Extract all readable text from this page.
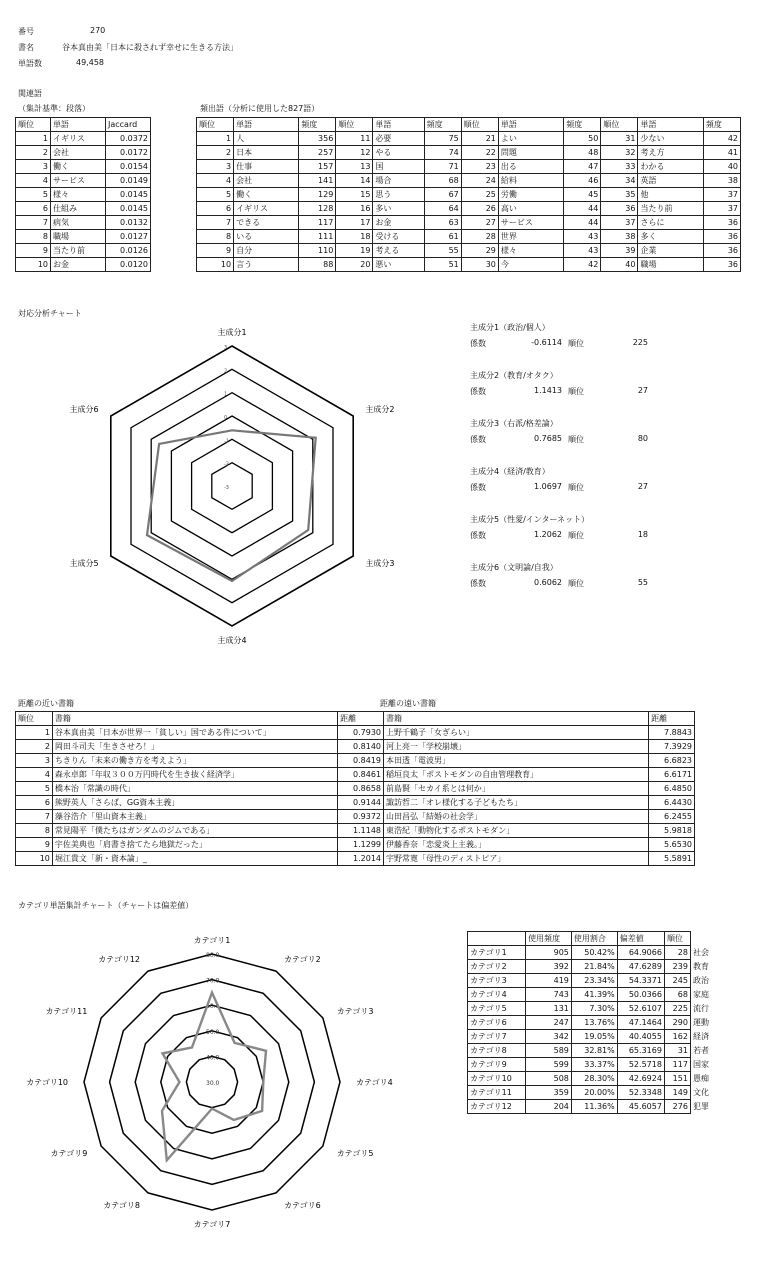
番号	270
書名	谷本真由美「日本に殺されず幸せに生きる方法」
単語数	49,458
関連語
（集計基準：段落）	頻出語（分析に使用した827語）
順位	単語	Jaccard
1	イギリス	0.0372
2	会社	0.0172
3	働く	0.0154
4	サービス	0.0149
5	様々	0.0145
6	仕組み	0.0145
7	病気	0.0132
8	職場	0.0127
9	当たり前	0.0126
10	お金	0.0120
順位	単語	頻度	順位	単語	頻度	順位	単語	頻度	順位	単語	頻度
1	人	356	11	必要	75	21	よい	50	31	少ない	42
2	日本	257	12	やる	74	22	問題	48	32	考え方	41
3	仕事	157	13	国	71	23	出る	47	33	わかる	40
4	会社	141	14	場合	68	24	給料	46	34	英語	38
5	働く	129	15	思う	67	25	労働	45	35	他	37
6	イギリス	128	16	多い	64	26	高い	44	36	当たり前	37
7	できる	117	17	お金	63	27	サービス	44	37	さらに	36
8	いる	111	18	受ける	61	28	世界	43	38	多く	36
9	自分	110	19	考える	55	29	様々	43	39	企業	36
10	言う	88	20	悪い	51	30	今	42	40	職場	36
対応分析チャート
主成分1
主成分2
主成分3
主成分4
主成分5
主成分6
3
2
1
0
-1
-2
-3
主成分1（政治/個人）
係数	-0.6114 順位	225
主成分2（教育/オタク）
係数	1.1413 順位	27
主成分3（右派/格差論）
係数	0.7685 順位	80
主成分4（経済/教育）
係数	1.0697 順位	27
主成分5（性愛/インターネット）
係数	1.2062 順位	18
主成分6（文明論/自我）
係数	0.6062 順位	55
距離の近い書籍	距離の遠い書籍
順位	書籍	距離	書籍	距離
1	谷本真由美「日本が世界一「貧しい」国である件について」	0.7930	上野千鶴子「女ぎらい」	7.8843
2	岡田斗司夫「生きさせろ！」	0.8140	河上亮一「学校崩壊」	7.3929
3	ちきりん「未来の働き方を考えよう」	0.8419	本田透「電波男」	6.6823
4	森永卓郎「年収３００万円時代を生き抜く経済学」	0.8461	稲垣良太「ポストモダンの自由管理教育」	6.6171
5	橋本治「常識の時代」	0.8658	前島賢「セカイ系とは何か」	6.4850
6	熊野英人「さらば、GG資本主義」	0.9144	諏訪哲二「オレ様化する子どもたち」	6.4430
7	藻谷浩介「里山資本主義」	0.9372	山田昌弘「結婚の社会学」	6.2455
8	常見陽平「僕たちはガンダムのジムである」	1.1148	東浩紀「動物化するポストモダン」	5.9818
9	宇佐美典也「肩書き捨てたら地獄だった」	1.1299	伊藤香奈「恋愛炎上主義。」	5.6530
10	堀江貴文「新・資本論」_	1.2014	宇野常寛「母性のディストピア」	5.5891
カテゴリ単語集計チャート（チャートは偏差値）
カテゴリ1
カテゴリ2
カテゴリ3
カテゴリ4
カテゴリ5
カテゴリ6
カテゴリ7
カテゴリ8
カテゴリ9
カテゴリ10
カテゴリ11
カテゴリ12	80.0
70.0
60.0
50.0
40.0
30.0
	使用頻度	使用割合	偏差値	順位	
カテゴリ1	905	50.42%	64.9066	28	社会
カテゴリ2	392	21.84%	47.6289	239	教育
カテゴリ3	419	23.34%	54.3371	245	政治
カテゴリ4	743	41.39%	50.0366	68	家庭
カテゴリ5	131	7.30%	52.6107	225	流行
カテゴリ6	247	13.76%	47.1464	290	運動
カテゴリ7	342	19.05%	40.4055	162	経済
カテゴリ8	589	32.81%	65.3169	31	若者
カテゴリ9	599	33.37%	52.5718	117	国家
カテゴリ10	508	28.30%	42.6924	151	愚痴
カテゴリ11	359	20.00%	52.3348	149	文化
カテゴリ12	204	11.36%	45.6057	276	犯罪
